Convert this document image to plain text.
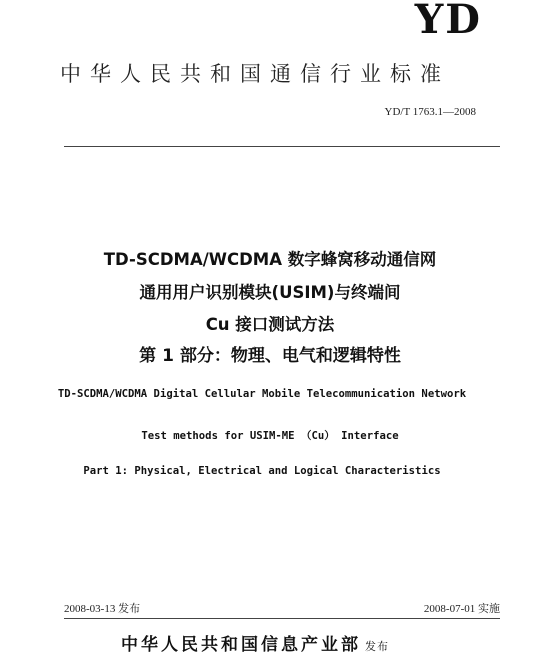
YD
中华人民共和国通信行业标准
YD/T 1763.1—2008
TD-SCDMA/WCDMA 数字蜂窝移动通信网
通用用户识别模块(USIM)与终端间
Cu 接口测试方法
第 1 部分：物理、电气和逻辑特性
TD-SCDMA/WCDMA Digital Cellular Mobile Telecommunication Network
Test methods for USIM-ME （Cu） Interface
Part 1: Physical, Electrical and Logical Characteristics
2008-03-13 发布	2008-07-01 实施
中华人民共和国信息产业部 发布
